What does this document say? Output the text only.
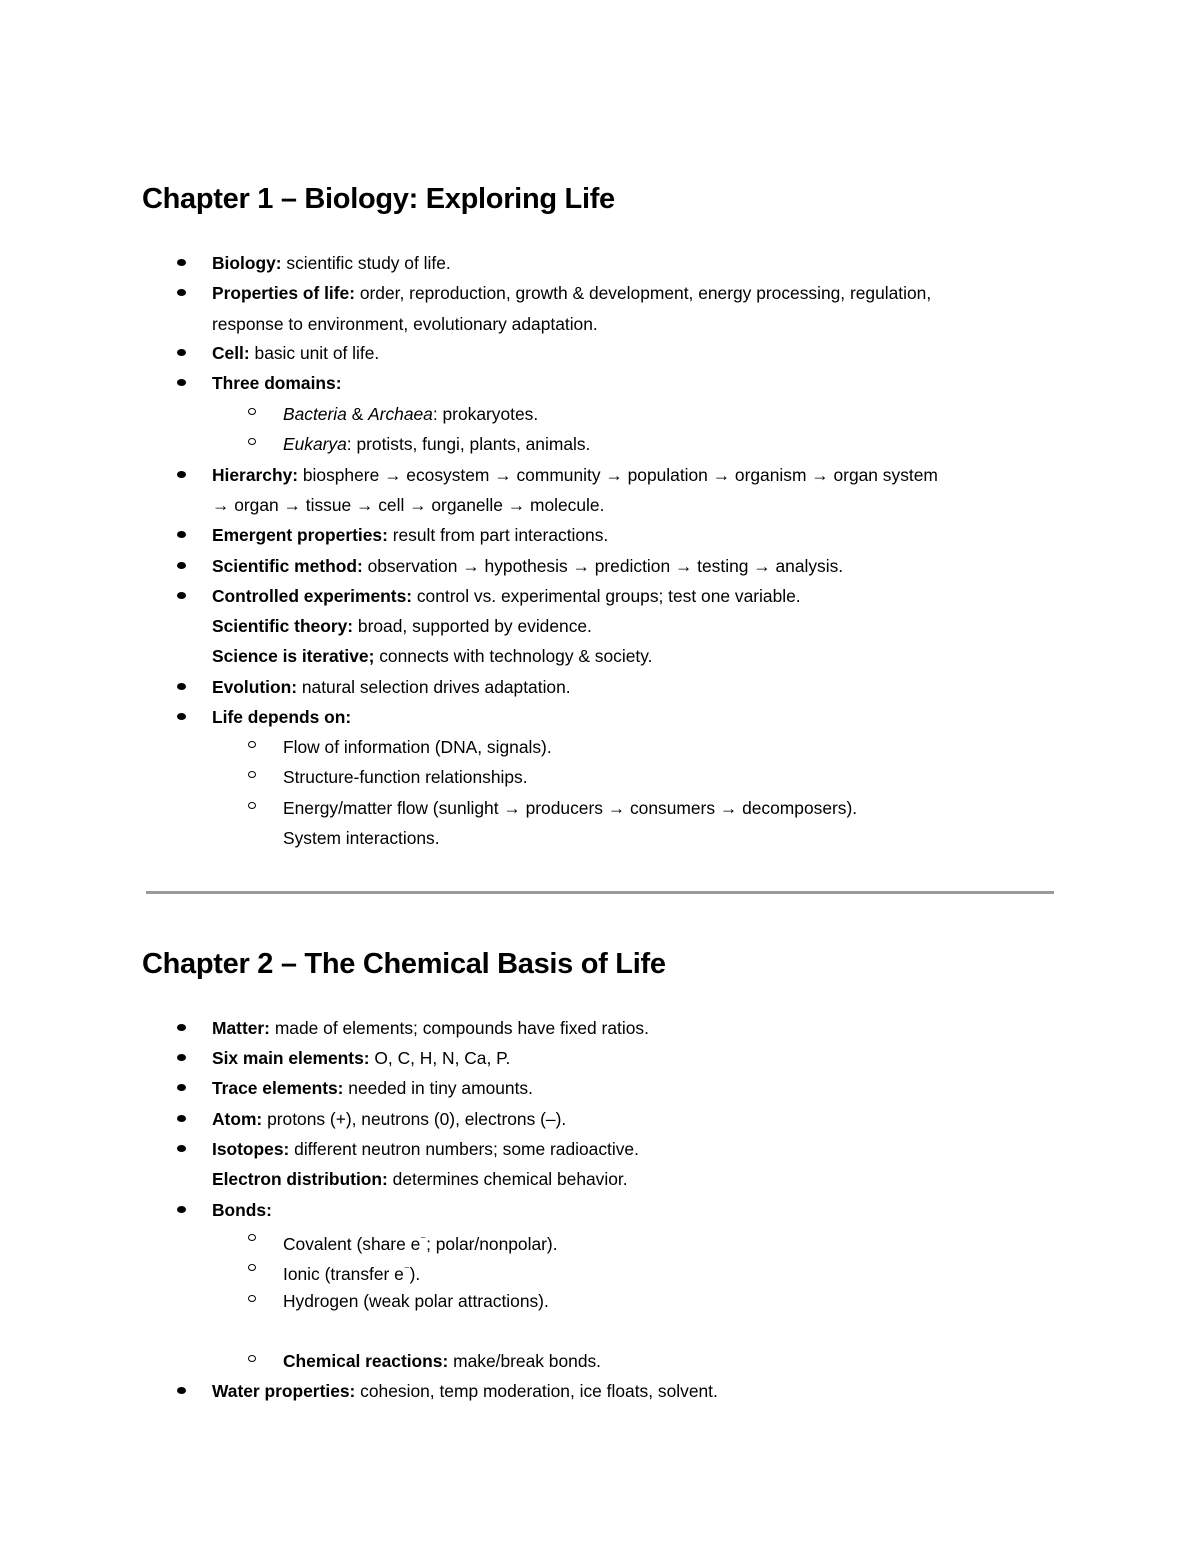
Chapter 1 – Biology: Exploring Life
Biology: scientific study of life.
Properties of life: order, reproduction, growth & development, energy processing, regulation,
response to environment, evolutionary adaptation.
Cell: basic unit of life.
Three domains:
Bacteria & Archaea: prokaryotes.
Eukarya: protists, fungi, plants, animals.
Hierarchy: biosphere → ecosystem → community → population → organism → organ system
→ organ → tissue → cell → organelle → molecule.
Emergent properties: result from part interactions.
Scientific method: observation → hypothesis → prediction → testing → analysis.
Controlled experiments: control vs. experimental groups; test one variable.
Scientific theory: broad, supported by evidence.
Science is iterative; connects with technology & society.
Evolution: natural selection drives adaptation.
Life depends on:
Flow of information (DNA, signals).
Structure-function relationships.
Energy/matter flow (sunlight → producers → consumers → decomposers).
System interactions.
Chapter 2 – The Chemical Basis of Life
Matter: made of elements; compounds have fixed ratios.
Six main elements: O, C, H, N, Ca, P.
Trace elements: needed in tiny amounts.
Atom: protons (+), neutrons (0), electrons (–).
Isotopes: different neutron numbers; some radioactive.
Electron distribution: determines chemical behavior.
Bonds:
Covalent (share e⁻; polar/nonpolar).
Ionic (transfer e⁻).
Hydrogen (weak polar attractions).
Chemical reactions: make/break bonds.
Water properties: cohesion, temp moderation, ice floats, solvent.
